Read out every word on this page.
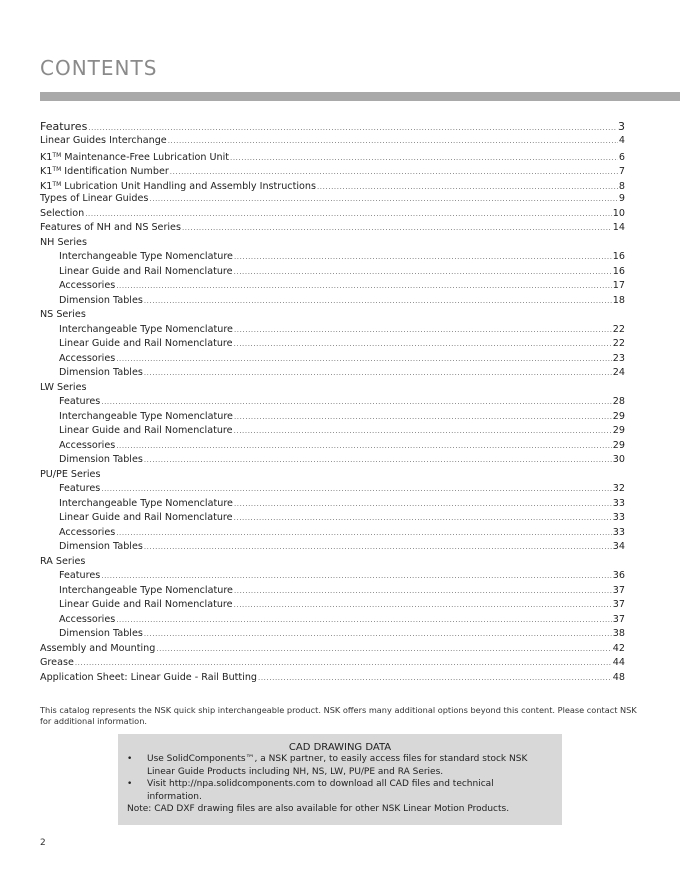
CONTENTS
Features .....	3
Linear Guides Interchange .....	4
K1™ Maintenance-Free Lubrication Unit .....	6
K1™ Identification Number .....	7
K1™ Lubrication Unit Handling and Assembly Instructions .....	8
Types of Linear Guides .....	9
Selection .....	10
Features of NH and NS Series .....	14
NH Series
Interchangeable Type Nomenclature .....	16
Linear Guide and Rail Nomenclature .....	16
Accessories .....	17
Dimension Tables .....	18
NS Series
Interchangeable Type Nomenclature .....	22
Linear Guide and Rail Nomenclature .....	22
Accessories .....	23
Dimension Tables .....	24
LW Series
Features .....	28
Interchangeable Type Nomenclature .....	29
Linear Guide and Rail Nomenclature .....	29
Accessories .....	29
Dimension Tables .....	30
PU/PE Series
Features .....	32
Interchangeable Type Nomenclature .....	33
Linear Guide and Rail Nomenclature .....	33
Accessories .....	33
Dimension Tables .....	34
RA Series
Features .....	36
Interchangeable Type Nomenclature .....	37
Linear Guide and Rail Nomenclature .....	37
Accessories .....	37
Dimension Tables .....	38
Assembly and Mounting .....	42
Grease .....	44
Application Sheet: Linear Guide - Rail Butting .....	48
This catalog represents the NSK quick ship interchangeable product. NSK offers many additional options beyond this content. Please contact NSK for additional information.
CAD DRAWING DATA
•	Use SolidComponents™, a NSK partner, to easily access files for standard stock NSK Linear Guide Products including NH, NS, LW, PU/PE and RA Series.
•	Visit http://npa.solidcomponents.com to download all CAD files and technical information.
Note: CAD DXF drawing files are also available for other NSK Linear Motion Products.
2
